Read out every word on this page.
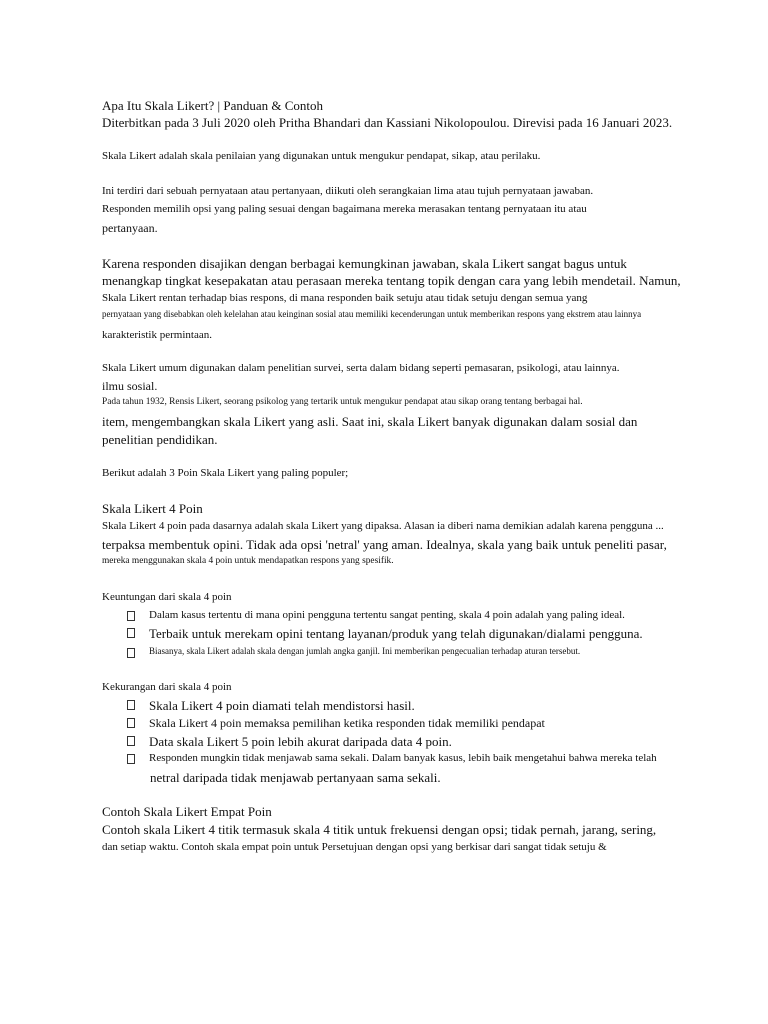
Apa Itu Skala Likert? | Panduan & Contoh
Diterbitkan pada 3 Juli 2020 oleh Pritha Bhandari dan Kassiani Nikolopoulou. Direvisi pada 16 Januari 2023.
Skala Likert adalah skala penilaian yang digunakan untuk mengukur pendapat, sikap, atau perilaku.
Ini terdiri dari sebuah pernyataan atau pertanyaan, diikuti oleh serangkaian lima atau tujuh pernyataan jawaban.
Responden memilih opsi yang paling sesuai dengan bagaimana mereka merasakan tentang pernyataan itu atau
pertanyaan.
Karena responden disajikan dengan berbagai kemungkinan jawaban, skala Likert sangat bagus untuk
menangkap tingkat kesepakatan atau perasaan mereka tentang topik dengan cara yang lebih mendetail. Namun,
Skala Likert rentan terhadap bias respons, di mana responden baik setuju atau tidak setuju dengan semua yang
pernyataan yang disebabkan oleh kelelahan atau keinginan sosial atau memiliki kecenderungan untuk memberikan respons yang ekstrem atau lainnya
karakteristik permintaan.
Skala Likert umum digunakan dalam penelitian survei, serta dalam bidang seperti pemasaran, psikologi, atau lainnya.
ilmu sosial.
Pada tahun 1932, Rensis Likert, seorang psikolog yang tertarik untuk mengukur pendapat atau sikap orang tentang berbagai hal.
item, mengembangkan skala Likert yang asli. Saat ini, skala Likert banyak digunakan dalam sosial dan
penelitian pendidikan.
Berikut adalah 3 Poin Skala Likert yang paling populer;
Skala Likert 4 Poin
Skala Likert 4 poin pada dasarnya adalah skala Likert yang dipaksa. Alasan ia diberi nama demikian adalah karena pengguna ...
terpaksa membentuk opini. Tidak ada opsi 'netral' yang aman. Idealnya, skala yang baik untuk peneliti pasar,
mereka menggunakan skala 4 poin untuk mendapatkan respons yang spesifik.
Keuntungan dari skala 4 poin
Dalam kasus tertentu di mana opini pengguna tertentu sangat penting, skala 4 poin adalah yang paling ideal.
Terbaik untuk merekam opini tentang layanan/produk yang telah digunakan/dialami pengguna.
Biasanya, skala Likert adalah skala dengan jumlah angka ganjil. Ini memberikan pengecualian terhadap aturan tersebut.
Kekurangan dari skala 4 poin
Skala Likert 4 poin diamati telah mendistorsi hasil.
Skala Likert 4 poin memaksa pemilihan ketika responden tidak memiliki pendapat
Data skala Likert 5 poin lebih akurat daripada data 4 poin.
Responden mungkin tidak menjawab sama sekali. Dalam banyak kasus, lebih baik mengetahui bahwa mereka telah
netral daripada tidak menjawab pertanyaan sama sekali.
Contoh Skala Likert Empat Poin
Contoh skala Likert 4 titik termasuk skala 4 titik untuk frekuensi dengan opsi; tidak pernah, jarang, sering,
dan setiap waktu. Contoh skala empat poin untuk Persetujuan dengan opsi yang berkisar dari sangat tidak setuju &
